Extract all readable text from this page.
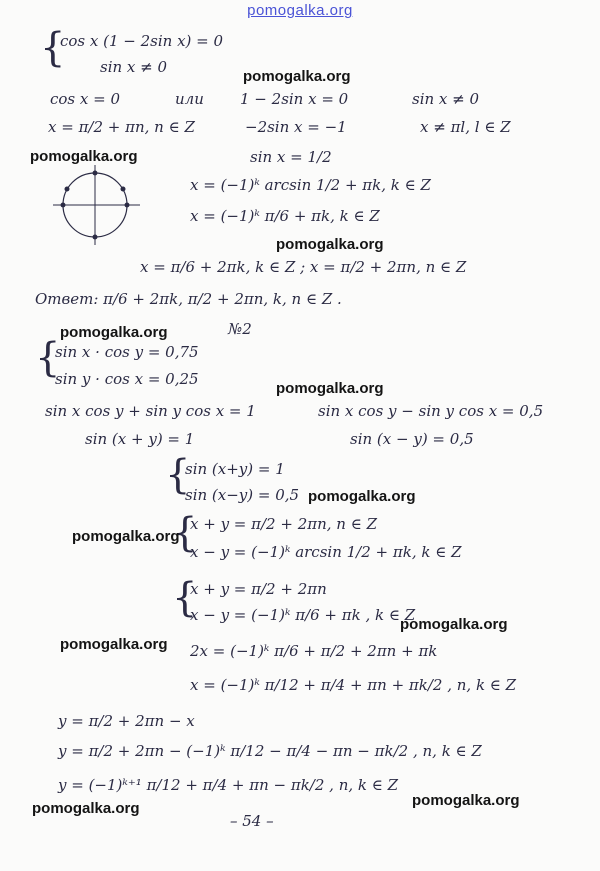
pomogalka.org
{
cos x (1 − 2sin x) = 0
sin x ≠ 0
cos x = 0	или 1 − 2sin x = 0	sin x ≠ 0
x = π/2 + πn, n ∈ Z	−2sin x = −1	x ≠ πl, l ∈ Z
sin x = 1/2
x = (−1)ᵏ arcsin 1/2 + πk, k ∈ Z
x = (−1)ᵏ π/6 + πk, k ∈ Z
x = π/6 + 2πk, k ∈ Z ; x = π/2 + 2πn, n ∈ Z
Ответ: π/6 + 2πk, π/2 + 2πn, k, n ∈ Z .
№2
{
sin x · cos y = 0,75
sin y · cos x = 0,25
sin x cos y + sin y cos x = 1	sin x cos y − sin y cos x = 0,5
sin (x + y) = 1	sin (x − y) = 0,5
{
sin (x+y) = 1
sin (x−y) = 0,5
{
x + y = π/2 + 2πn, n ∈ Z
x − y = (−1)ᵏ arcsin 1/2 + πk, k ∈ Z
{
x + y = π/2 + 2πn
x − y = (−1)ᵏ π/6 + πk , k ∈ Z
2x = (−1)ᵏ π/6 + π/2 + 2πn + πk
x = (−1)ᵏ π/12 + π/4 + πn + πk/2 , n, k ∈ Z
y = π/2 + 2πn − x
y = π/2 + 2πn − (−1)ᵏ π/12 − π/4 − πn − πk/2 , n, k ∈ Z
y = (−1)ᵏ⁺¹ π/12 + π/4 + πn − πk/2 , n, k ∈ Z
– 54 –
pomogalka.org
pomogalka.org
pomogalka.org
pomogalka.org
pomogalka.org
pomogalka.org
pomogalka.org
pomogalka.org
pomogalka.org
pomogalka.org
pomogalka.org
